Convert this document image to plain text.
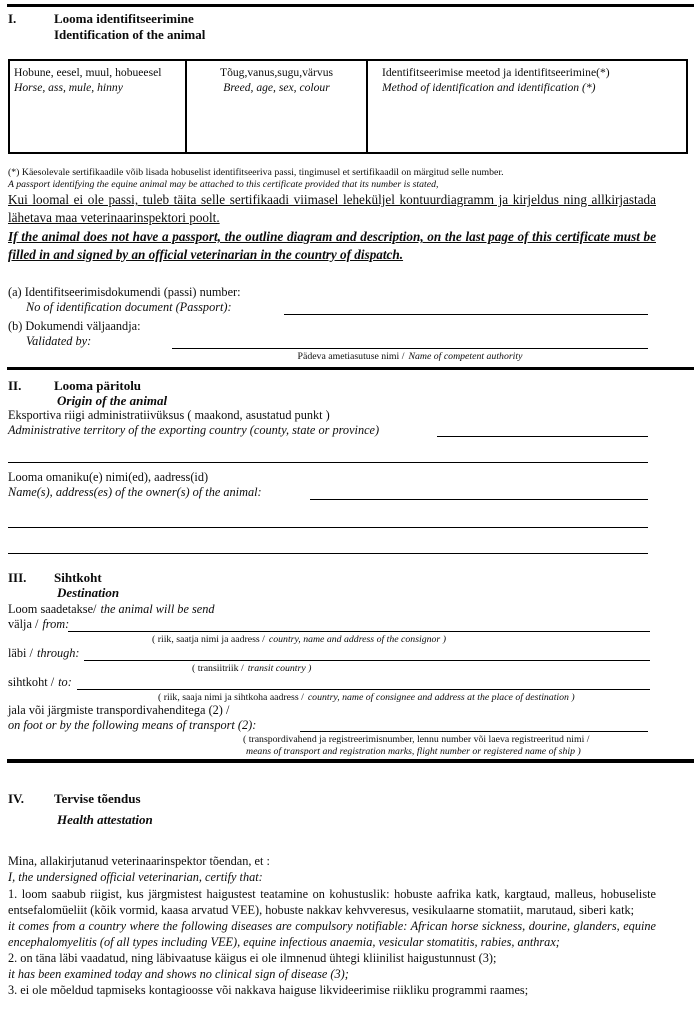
I.	Looma identifitseerimine
Identification of the animal
Hobune, eesel, muul, hobueesel
Horse, ass, mule, hinny
Tõug,vanus,sugu,värvus
Breed, age, sex, colour
Identifitseerimise meetod ja identifitseerimine(*)
Method of identification and identification (*)
(*) Käesolevale sertifikaadile võib lisada hobuselist identifitseeriva passi, tingimusel et sertifikaadil on märgitud selle number.
A passport identifying the equine animal may be attached to this certificate provided that its number is stated,
Kui loomal ei ole passi, tuleb täita selle sertifikaadi viimasel leheküljel kontuurdiagramm ja kirjeldus ning allkirjastada lähetava maa veterinaarinspektori poolt.
If the animal does not have a passport, the outline diagram and description, on the last page of this certificate must be filled in and signed by an official veterinarian in the country of dispatch.
(a) Identifitseerimisdokumendi (passi) number:
No of identification document (Passport):
(b) Dokumendi väljaandja:
Validated by:
Pädeva ametiasutuse nimi / Name of competent authority
II.	Looma päritolu
Origin of the animal
Eksportiva riigi administratiivüksus ( maakond, asustatud punkt )
Administrative territory of the exporting country (county, state or province)
Looma omaniku(e) nimi(ed), aadress(id)
Name(s), address(es) of the owner(s) of the animal:
III. Sihtkoht
Destination
Loom saadetakse/ the animal will be send
välja / from:
( riik, saatja nimi ja aadress / country, name and address of the consignor )
läbi / through:
( transiitriik / transit country )
sihtkoht / to:
( riik, saaja nimi ja sihtkoha aadress / country, name of consignee and address at the place of destination )
jala või järgmiste transpordivahenditega (2) /
on foot or by the following means of transport (2):
( transpordivahend ja registreerimisnumber, lennu number või laeva registreeritud nimi /
means of transport and registration marks, flight number or registered name of ship )
IV. Tervise tõendus
Health attestation
Mina, allakirjutanud veterinaarinspektor tõendan, et :
I, the undersigned official veterinarian, certify that:
1. loom saabub riigist, kus järgmistest haigustest teatamine on kohustuslik: hobuste aafrika katk, kargtaud, malleus, hobuseliste entsefalomüeliit (kõik vormid, kaasa arvatud VEE), hobuste nakkav kehvveresus, vesikulaarne stomatiit, marutaud, siberi katk;
it comes from a country where the following diseases are compulsory notifiable: African horse sickness, dourine, glanders, equine encephalomyelitis (of all types including VEE), equine infectious anaemia, vesicular stomatitis, rabies, anthrax;
2. on täna läbi vaadatud, ning läbivaatuse käigus ei ole ilmnenud ühtegi kliinilist haigustunnust (3);
it has been examined today and shows no clinical sign of disease (3);
3. ei ole mõeldud tapmiseks kontagioosse või nakkava haiguse likvideerimise riikliku programmi raames;
